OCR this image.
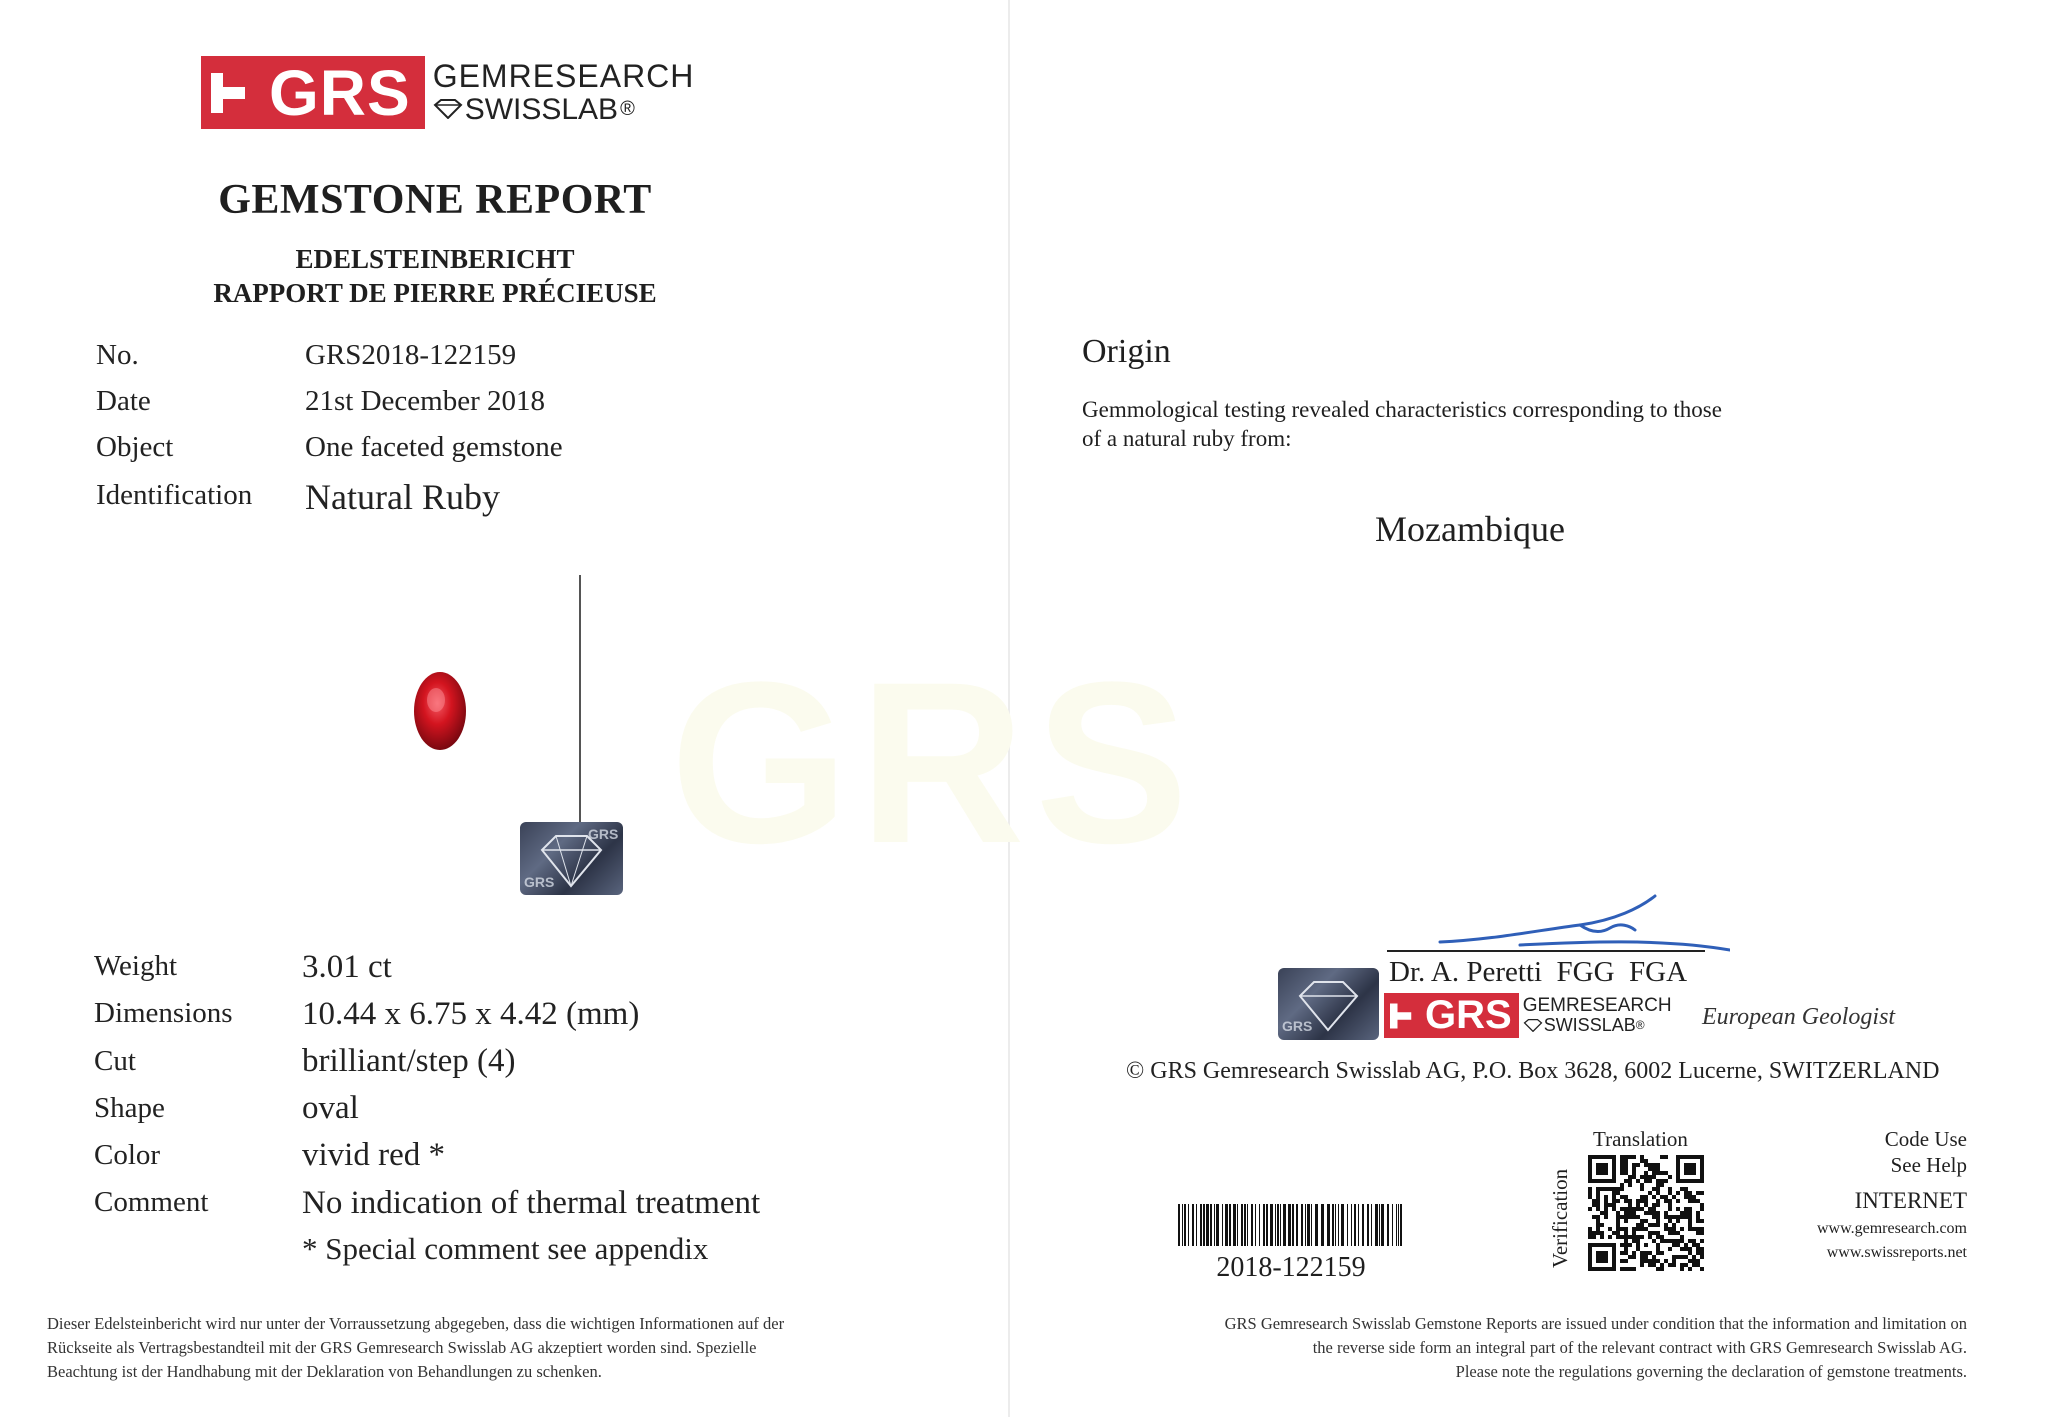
GRS
GRS GEMRESEARCH
SWISSLAB ®
GEMSTONE REPORT
EDELSTEINBERICHT
RAPPORT DE PIERRE PRÉCIEUSE
No.	GRS2018-122159
Date	21st December 2018
Object	One faceted gemstone
Identification Natural Ruby
GRS
GRS
Weight	3.01 ct
Dimensions 10.44 x 6.75 x 4.42 (mm)
Cut	brilliant/step (4)
Shape	oval
Color	vivid red *
Comment	No indication of thermal treatment
* Special comment see appendix
Dieser Edelsteinbericht wird nur unter der Vorraussetzung abgegeben, dass die wichtigen Informationen auf der
Rückseite als Vertragsbestandteil mit der GRS Gemresearch Swisslab AG akzeptiert worden sind. Spezielle
Beachtung ist der Handhabung mit der Deklaration von Behandlungen zu schenken.
Origin
Gemmological testing revealed characteristics corresponding to those
of a natural ruby from:
Mozambique
Dr. A. Peretti  FGG  FGA
GRS	GRS GEMRESEARCH
SWISSLAB ® European Geologist
© GRS Gemresearch Swisslab AG, P.O. Box 3628, 6002 Lucerne, SWITZERLAND
2018-122159
Translation
Verification
Code Use
See Help
INTERNET
www.gemresearch.com
www.swissreports.net
GRS Gemresearch Swisslab Gemstone Reports are issued under condition that the information and limitation on
the reverse side form an integral part of the relevant contract with GRS Gemresearch Swisslab AG.
Please note the regulations governing the declaration of gemstone treatments.
